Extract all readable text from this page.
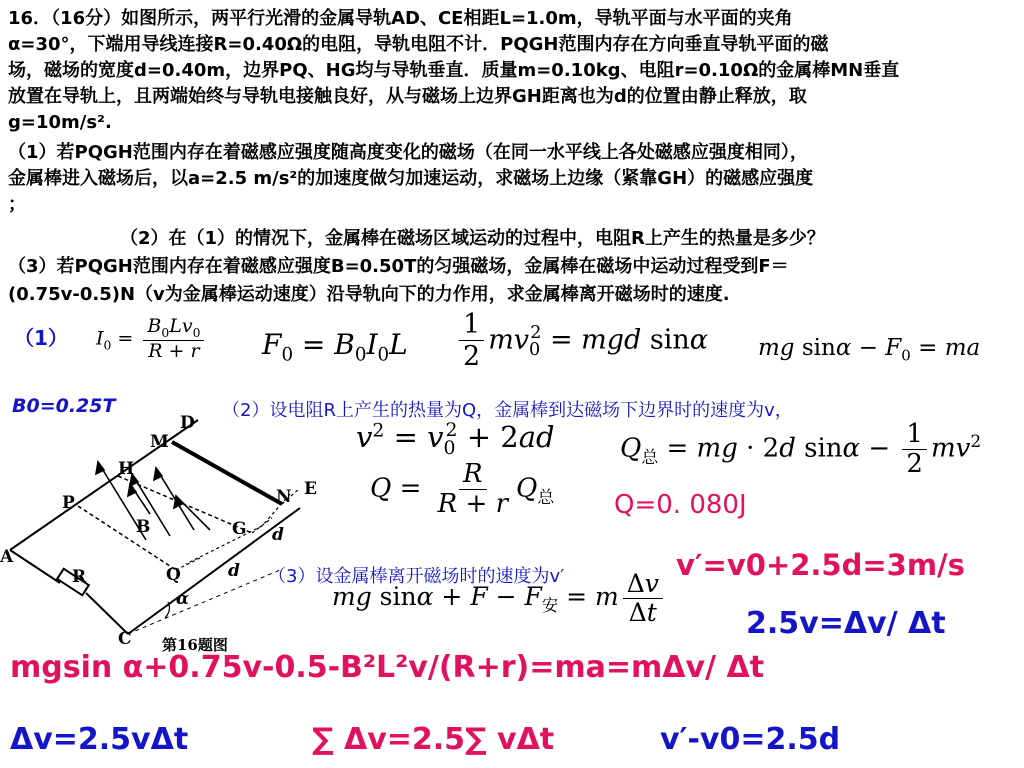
16．（16分）如图所示，两平行光滑的金属导轨AD、CE相距L=1.0m，导轨平面与水平面的夹角
α=30°，下端用导线连接R=0.40Ω的电阻，导轨电阻不计．PQGH范围内存在方向垂直导轨平面的磁
场，磁场的宽度d=0.40m，边界PQ、HG均与导轨垂直．质量m=0.10kg、电阻r=0.10Ω的金属棒MN垂直
放置在导轨上，且两端始终与导轨电接触良好，从与磁场上边界GH距离也为d的位置由静止释放，取
g=10m/s².
（1）若PQGH范围内存在着磁感应强度随高度变化的磁场（在同一水平线上各处磁感应强度相同），
金属棒进入磁场后，以a=2.5 m/s²的加速度做匀加速运动，求磁场上边缘（紧靠GH）的磁感应强度
；
（2）在（1）的情况下，金属棒在磁场区域运动的过程中，电阻R上产生的热量是多少？
（3）若PQGH范围内存在着磁感应强度B=0.50T的匀强磁场，金属棒在磁场中运动过程受到F＝
(0.75v-0.5)N（v为金属棒运动速度）沿导轨向下的力作用，求金属棒离开磁场时的速度.
（1） $I_0 = \frac{B_0Lv_0}{R + r} F_0 = B_0I_0L \frac{1}{2} mv_0^2$ = mgd sinα mg $\sin\alpha - F_0$ = ma
B0=0.25T	（2）设电阻R上产生的热量为Q，金属棒到达磁场下边界时的速度为v，
$v^2 = v_0^2 + 2ad$	$Q_总$ = mg · 2d $\sin\alpha - \frac{1}{2} mv^2$
$Q = \frac{R}{R + r} Q_总$ Q=0. 080J
（3）设金属棒离开磁场时的速度为v′	v′=v0+2.5d=3m/s
mg $\sin\alpha + F - F_安 = m \frac{\Delta v}{\Delta t}$	2.5v=Δv/ Δt
mgsin α+0.75v-0.5-B²L²v/(R+r)=ma=mΔv/ Δt
Δv=2.5vΔt	∑ Δv=2.5∑ vΔt	v′-v0=2.5d
D
M
H
P
B	G
N E
A
R	Q
d
d
α
C 第16题图
